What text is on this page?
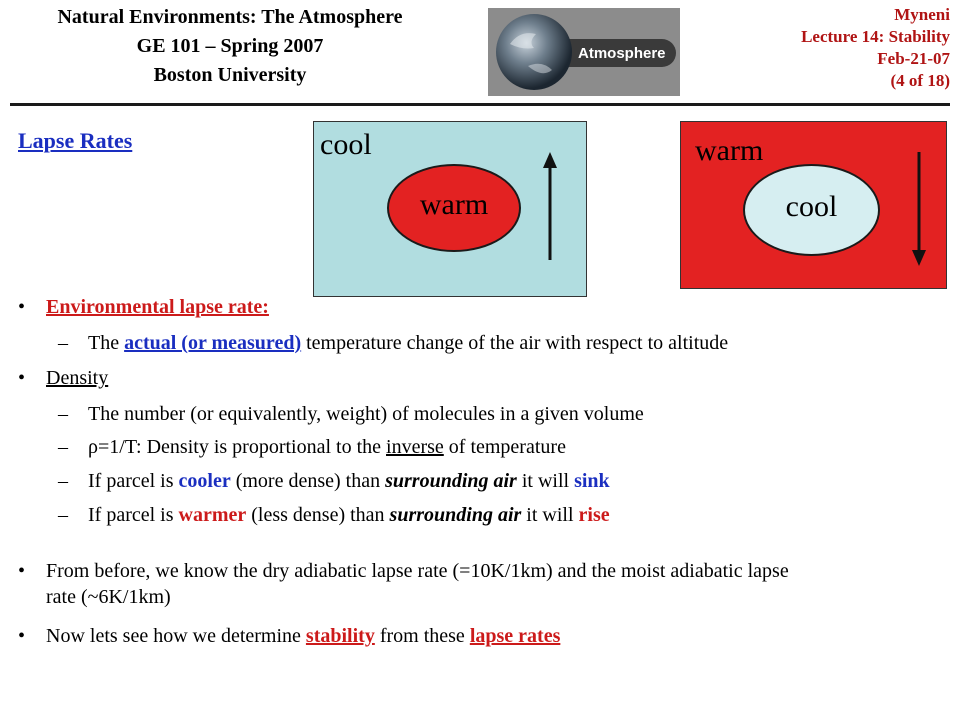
Natural Environments: The Atmosphere
GE 101 – Spring 2007
Boston University
Atmosphere
Myneni
Lecture 14: Stability
Feb-21-07
(4 of 18)
Lapse Rates	cool
warm
warm
cool
• Environmental lapse rate:
– The actual (or measured) temperature change of the air with respect to altitude
• Density
– The number (or equivalently, weight) of molecules in a given volume
– ρ=1/T: Density is proportional to the inverse of temperature
– If parcel is cooler (more dense) than surrounding air it will sink
– If parcel is warmer (less dense) than surrounding air it will rise
• From before, we know the dry adiabatic lapse rate (=10K/1km) and the moist adiabatic lapse
rate (~6K/1km)
• Now lets see how we determine stability from these lapse rates
